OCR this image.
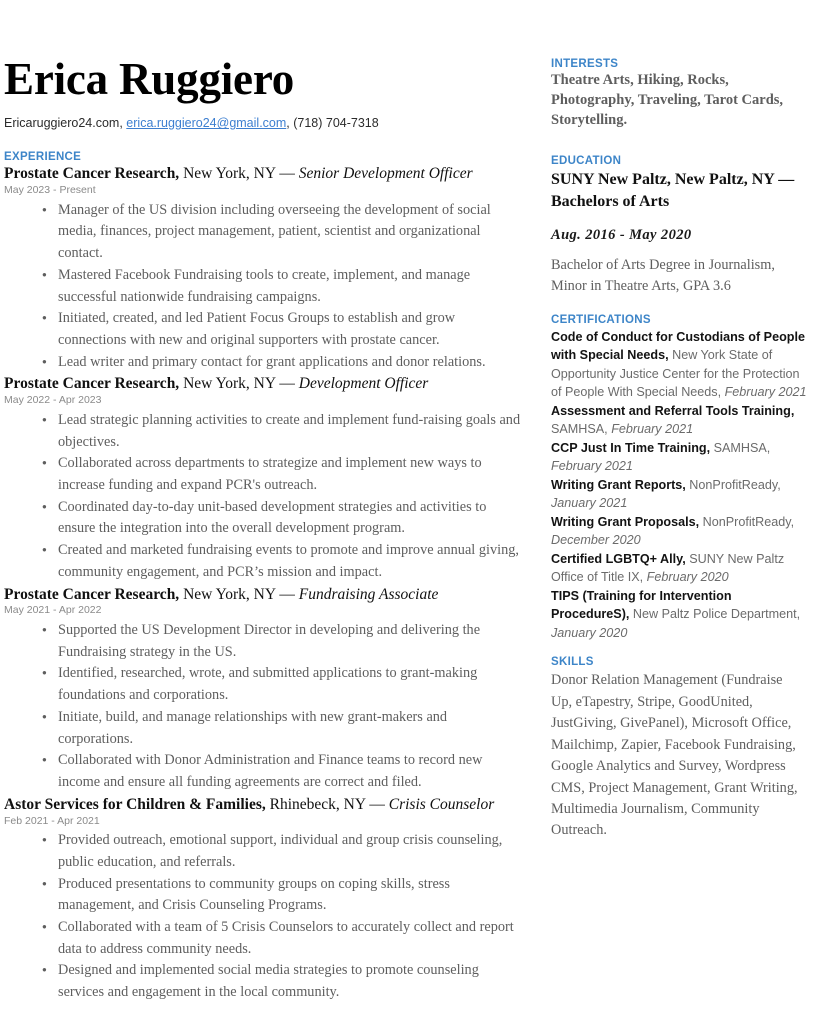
Erica Ruggiero
Ericaruggiero24.com, erica.ruggiero24@gmail.com, (718) 704-7318
EXPERIENCE
Prostate Cancer Research, New York, NY — Senior Development Officer
May 2023 - Present
● Manager of the US division including overseeing the development of social media, finances, project management, patient, scientist and organizational contact.
● Mastered Facebook Fundraising tools to create, implement, and manage successful nationwide fundraising campaigns.
● Initiated, created, and led Patient Focus Groups to establish and grow connections with new and original supporters with prostate cancer.
● Lead writer and primary contact for grant applications and donor relations.
Prostate Cancer Research, New York, NY — Development Officer
May 2022 - Apr 2023
● Lead strategic planning activities to create and implement fund-raising goals and objectives.
● Collaborated across departments to strategize and implement new ways to increase funding and expand PCR's outreach.
● Coordinated day-to-day unit-based development strategies and activities to ensure the integration into the overall development program.
● Created and marketed fundraising events to promote and improve annual giving, community engagement, and PCR’s mission and impact.
Prostate Cancer Research, New York, NY — Fundraising Associate
May 2021 - Apr 2022
● Supported the US Development Director in developing and delivering the Fundraising strategy in the US.
● Identified, researched, wrote, and submitted applications to grant-making foundations and corporations.
● Initiate, build, and manage relationships with new grant-makers and corporations.
● Collaborated with Donor Administration and Finance teams to record new income and ensure all funding agreements are correct and filed.
Astor Services for Children & Families, Rhinebeck, NY — Crisis Counselor
Feb 2021 - Apr 2021
● Provided outreach, emotional support, individual and group crisis counseling, public education, and referrals.
● Produced presentations to community groups on coping skills, stress management, and Crisis Counseling Programs.
● Collaborated with a team of 5 Crisis Counselors to accurately collect and report data to address community needs.
● Designed and implemented social media strategies to promote counseling services and engagement in the local community.
INTERESTS
Theatre Arts, Hiking, Rocks, Photography, Traveling, Tarot Cards, Storytelling.
EDUCATION
SUNY New Paltz, New Paltz, NY — Bachelors of Arts
Aug. 2016 - May 2020
Bachelor of Arts Degree in Journalism, Minor in Theatre Arts, GPA 3.6
CERTIFICATIONS
Code of Conduct for Custodians of People with Special Needs, New York State of Opportunity Justice Center for the Protection of People With Special Needs, February 2021
Assessment and Referral Tools Training, SAMHSA, February 2021
CCP Just In Time Training, SAMHSA, February 2021
Writing Grant Reports, NonProfitReady, January 2021
Writing Grant Proposals, NonProfitReady, December 2020
Certified LGBTQ+ Ally, SUNY New Paltz Office of Title IX, February 2020
TIPS (Training for Intervention ProcedureS), New Paltz Police Department, January 2020
SKILLS
Donor Relation Management (Fundraise Up, eTapestry, Stripe, GoodUnited, JustGiving, GivePanel), Microsoft Office, Mailchimp, Zapier, Facebook Fundraising, Google Analytics and Survey, Wordpress CMS, Project Management, Grant Writing, Multimedia Journalism, Community Outreach.
